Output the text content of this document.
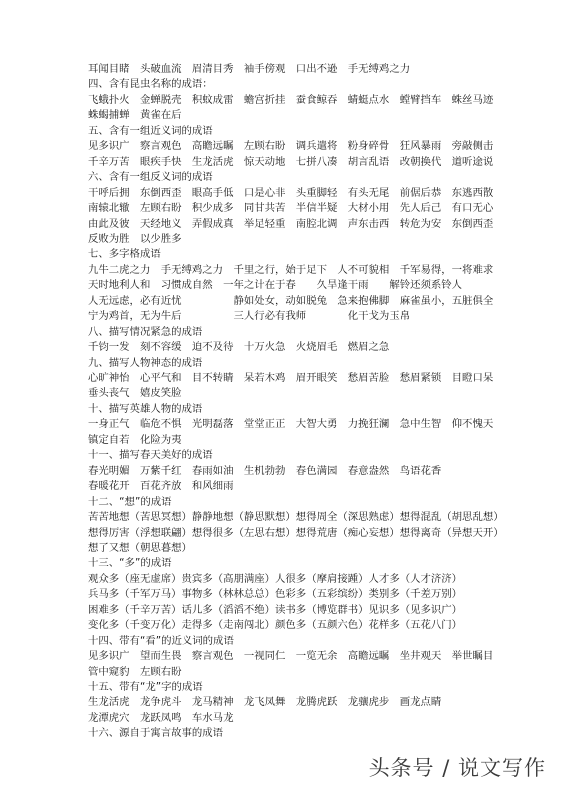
耳闻目睹　头破血流　眉清目秀　袖手傍观　口出不逊　手无缚鸡之力
四、含有昆虫名称的成语：
飞蛾扑火　金蝉脱壳　积蚊成雷　蟾宫折挂　蚕食鲸吞　蜻蜓点水　螳臂挡车　蛛丝马迹
蛛蝎捕蝉　黄雀在后
五、含有一组近义词的成语
见多识广　察言观色　高瞻远瞩　左顾右盼　调兵遣将　粉身碎骨　狂风暴雨　旁敲侧击
千辛万苦　眼疾手快　生龙活虎　惊天动地　七拼八凑　胡言乱语　改朝换代　道听途说
六、含有一组反义词的成语
干呼后拥　东倒西歪　眼高手低　口是心非　头重脚轻　有头无尾　前倨后恭　东逃西散
南辕北辙　左顾右盼　积少成多　同甘共苦　半信半疑　大材小用　先人后己　有口无心
由此及彼　天经地义　弄假成真　举足轻重　南腔北调　声东击西　转危为安　东倒西歪
反败为胜　以少胜多
七、多字格成语
九牛二虎之力　手无缚鸡之力　千里之行，始于足下　人不可貌相　千军易得，一将难求
天时地利人和　习惯成自然　一年之计在于春　　久旱逢干雨　　解铃还须系铃人
人无远虑，必有近忧　　　　　静如处女，动如脱兔　急来抱佛脚　麻雀虽小，五脏俱全
宁为鸡首，无为牛后　　　　　三人行必有我师　　　　化干戈为玉帛
八、描写情况紧急的成语
千钧一发　刻不容缓　迫不及待　十万火急　火烧眉毛　燃眉之急
九、描写人物神态的成语
心旷神怡　心平气和　目不转睛　呆若木鸡　眉开眼笑　愁眉苦脸　愁眉紧锁　目瞪口呆
垂头丧气　嬉皮笑脸
十、描写英雄人物的成语
一身正气　临危不惧　光明磊落　堂堂正正　大智大勇　力挽狂澜　急中生智　仰不愧天
镇定自若　化险为夷
十一、描写春天美好的成语
春光明媚　万紫千红　春雨如油　生机勃勃　春色满园　春意盎然　鸟语花香
春暖花开　百花齐放　和风细雨
十二、“想”的成语
苦苦地想（苦思冥想）静静地想（静思默想）想得周全（深思熟虑）想得混乱（胡思乱想）
想得厉害（浮想联翩）想得很多（左思右想）想得荒唐（痴心妄想）想得离奇（异想天开）
想了又想（朝思暮想）
十三、“多”的成语
观众多（座无虚席）贵宾多（高朋满座）人很多（摩肩接踵）人才多（人才济济）
兵马多（千军万马）事物多（林林总总）色彩多（五彩缤纷）类别多（千差万别）
困难多（千辛万苦）话儿多（滔滔不绝）读书多（博览群书）见识多（见多识广）
变化多（千变万化）走得多（走南闯北）颜色多（五颜六色）花样多（五花八门）
十四、带有“看”的近义词的成语
见多识广　望而生畏　察言观色　一视同仁　一览无余　高瞻远瞩　坐井观天　举世瞩目
管中窥豹　左顾右盼
十五、带有“龙”字的成语
生龙活虎　龙争虎斗　龙马精神　龙飞凤舞　龙腾虎跃　龙骧虎步　画龙点睛
龙潭虎穴　龙跃凤鸣　车水马龙
十六、源自于寓言故事的成语
头条号 / 说文写作
